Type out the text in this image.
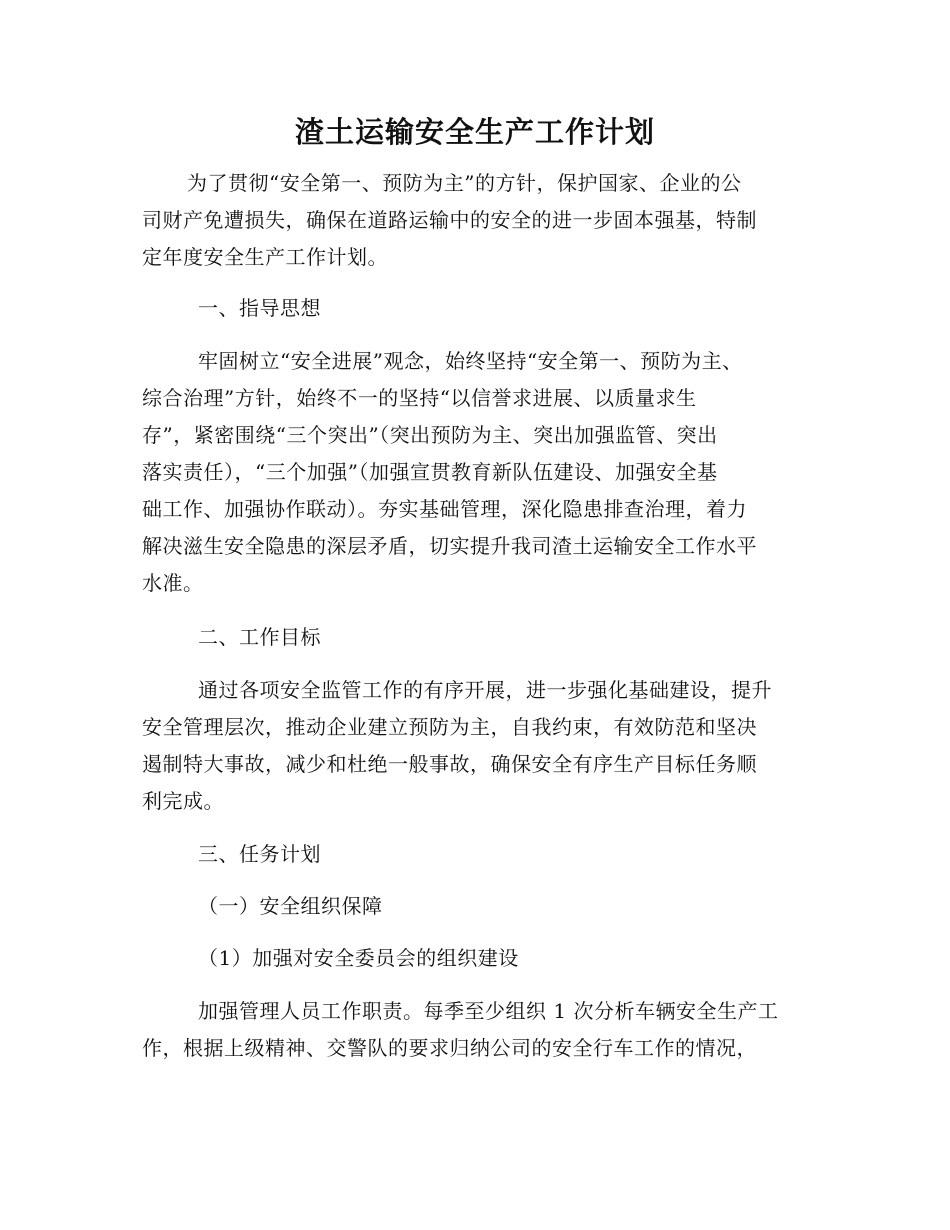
渣土运输安全生产工作计划
为了贯彻“安全第一、预防为主”的方针，保护国家、企业的公
司财产免遭损失，确保在道路运输中的安全的进一步固本强基，特制
定年度安全生产工作计划。
一、指导思想
牢固树立“安全进展”观念，始终坚持“安全第一、预防为主、
综合治理”方针，始终不一的坚持“以信誉求进展、以质量求生
存”，紧密围绕“三个突出”（突出预防为主、突出加强监管、突出
落实责任），“三个加强”（加强宣贯教育新队伍建设、加强安全基
础工作、加强协作联动）。夯实基础管理，深化隐患排查治理，着力
解决滋生安全隐患的深层矛盾，切实提升我司渣土运输安全工作水平
水准。
二、工作目标
通过各项安全监管工作的有序开展，进一步强化基础建设，提升
安全管理层次，推动企业建立预防为主，自我约束，有效防范和坚决
遏制特大事故，减少和杜绝一般事故，确保安全有序生产目标任务顺
利完成。
三、任务计划
（一）安全组织保障
（1）加强对安全委员会的组织建设
加强管理人员工作职责。每季至少组织 1 次分析车辆安全生产工
作，根据上级精神、交警队的要求归纳公司的安全行车工作的情况，
